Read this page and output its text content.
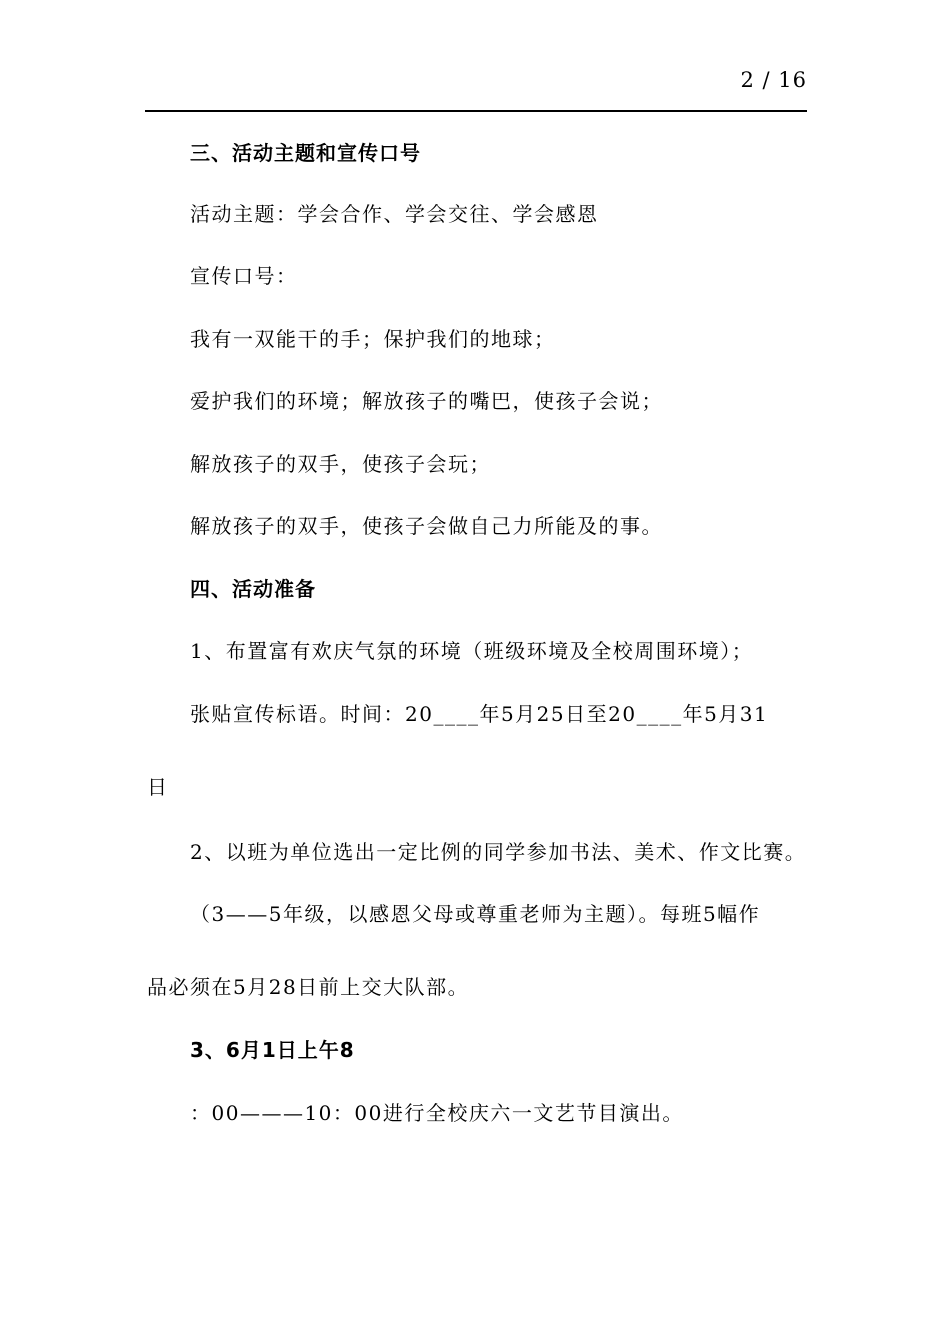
2 / 16
三、活动主题和宣传口号
活动主题：学会合作、学会交往、学会感恩
宣传口号：
我有一双能干的手；保护我们的地球；
爱护我们的环境；解放孩子的嘴巴，使孩子会说；
解放孩子的双手，使孩子会玩；
解放孩子的双手，使孩子会做自己力所能及的事。
四、活动准备
1、布置富有欢庆气氛的环境（班级环境及全校周围环境）；
张贴宣传标语。时间：20____年5月25日至20____年5月31
日
2、以班为单位选出一定比例的同学参加书法、美术、作文比赛。
（3——5年级，以感恩父母或尊重老师为主题）。每班5幅作
品必须在5月28日前上交大队部。
3、6月1日上午8
：00———10：00进行全校庆六一文艺节目演出。
